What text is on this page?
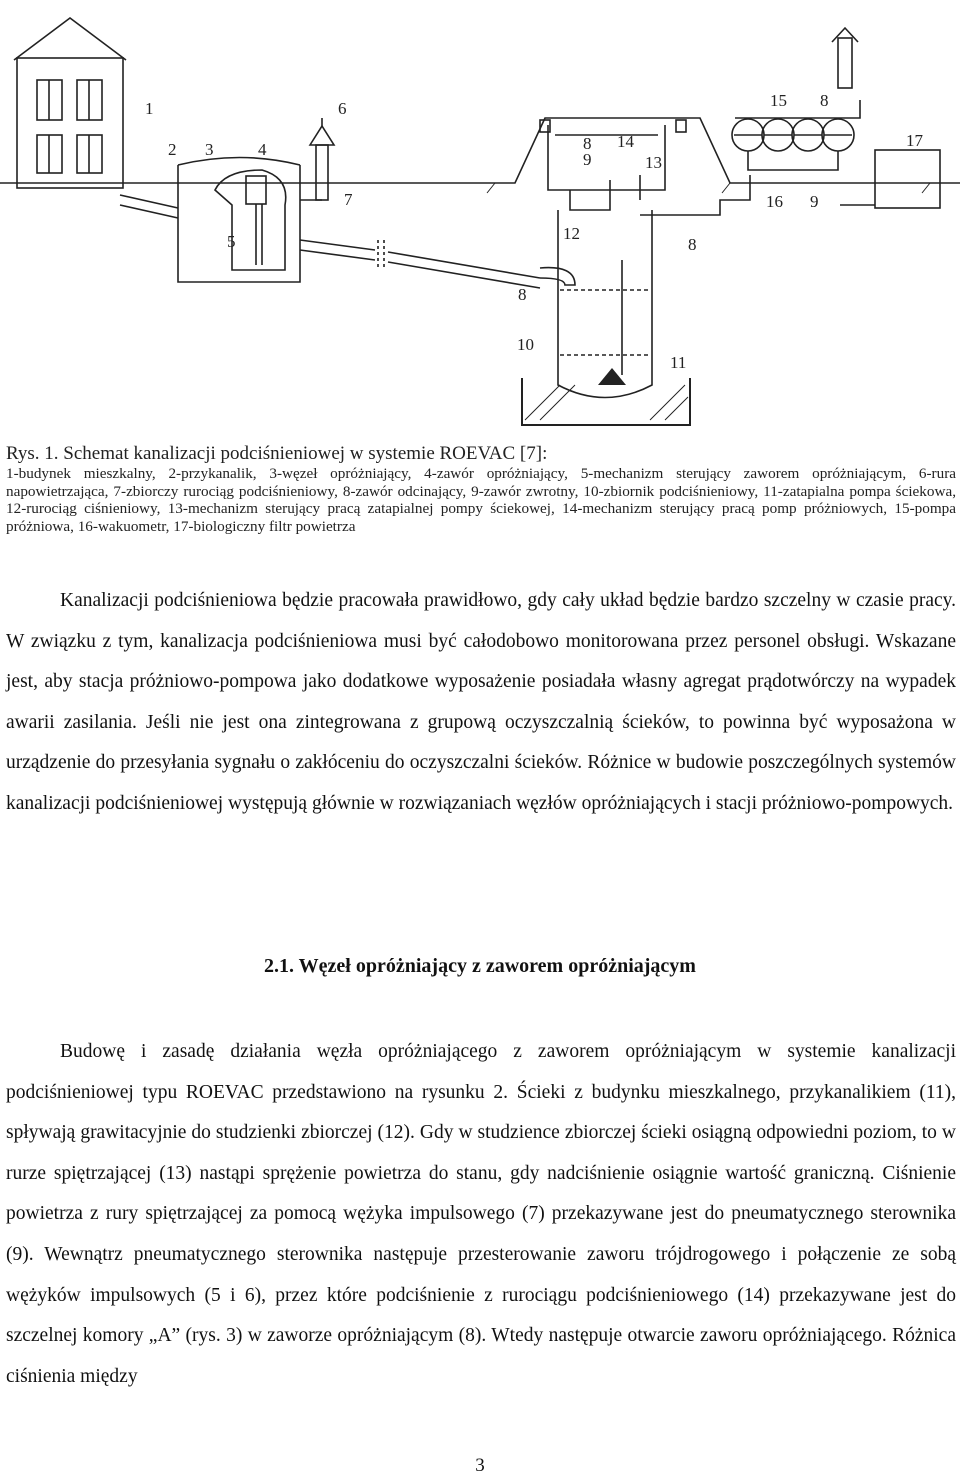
1
2 3	4
5
6
7
8
8
9
14
13
12
8
10
11
15 8
17
16 9
Rys. 1. Schemat kanalizacji podciśnieniowej w systemie ROEVAC [7]:
1-budynek mieszkalny, 2-przykanalik, 3-węzeł opróżniający, 4-zawór opróżniający, 5-mechanizm sterujący zaworem opróżniającym, 6-rura napowietrzająca, 7-zbiorczy rurociąg podciśnieniowy, 8-zawór odcinający, 9-zawór zwrotny, 10-zbiornik podciśnieniowy, 11-zatapialna pompa ściekowa, 12-rurociąg ciśnieniowy, 13-mechanizm sterujący pracą zatapialnej pompy ściekowej, 14-mechanizm sterujący pracą pomp próżniowych, 15-pompa próżniowa, 16-wakuometr, 17-biologiczny filtr powietrza
Kanalizacji podciśnieniowa będzie pracowała prawidłowo, gdy cały układ będzie bardzo szczelny w czasie pracy. W związku z tym, kanalizacja podciśnieniowa musi być całodobowo monitorowana przez personel obsługi. Wskazane jest, aby stacja próżniowo-pompowa jako dodatkowe wyposażenie posiadała własny agregat prądotwórczy na wypadek awarii zasilania. Jeśli nie jest ona zintegrowana z grupową oczyszczalnią ścieków, to powinna być wyposażona w urządzenie do przesyłania sygnału o zakłóceniu do oczyszczalni ścieków. Różnice w budowie poszczególnych systemów kanalizacji podciśnieniowej występują głównie w rozwiązaniach węzłów opróżniających i stacji próżniowo-pompowych.
2.1. Węzeł opróżniający z zaworem opróżniającym
Budowę i zasadę działania węzła opróżniającego z zaworem opróżniającym w systemie kanalizacji podciśnieniowej typu ROEVAC przedstawiono na rysunku 2. Ścieki z budynku mieszkalnego, przykanalikiem (11), spływają grawitacyjnie do studzienki zbiorczej (12). Gdy w studzience zbiorczej ścieki osiągną odpowiedni poziom, to w rurze spiętrzającej (13) nastąpi sprężenie powietrza do stanu, gdy nadciśnienie osiągnie wartość graniczną. Ciśnienie powietrza z rury spiętrzającej za pomocą wężyka impulsowego (7) przekazywane jest do pneumatycznego sterownika (9). Wewnątrz pneumatycznego sterownika następuje przesterowanie zaworu trójdrogowego i połączenie ze sobą wężyków impulsowych (5 i 6), przez które podciśnienie z rurociągu podciśnieniowego (14) przekazywane jest do szczelnej komory „A” (rys. 3) w zaworze opróżniającym (8). Wtedy następuje otwarcie zaworu opróżniającego. Różnica ciśnienia między
3
